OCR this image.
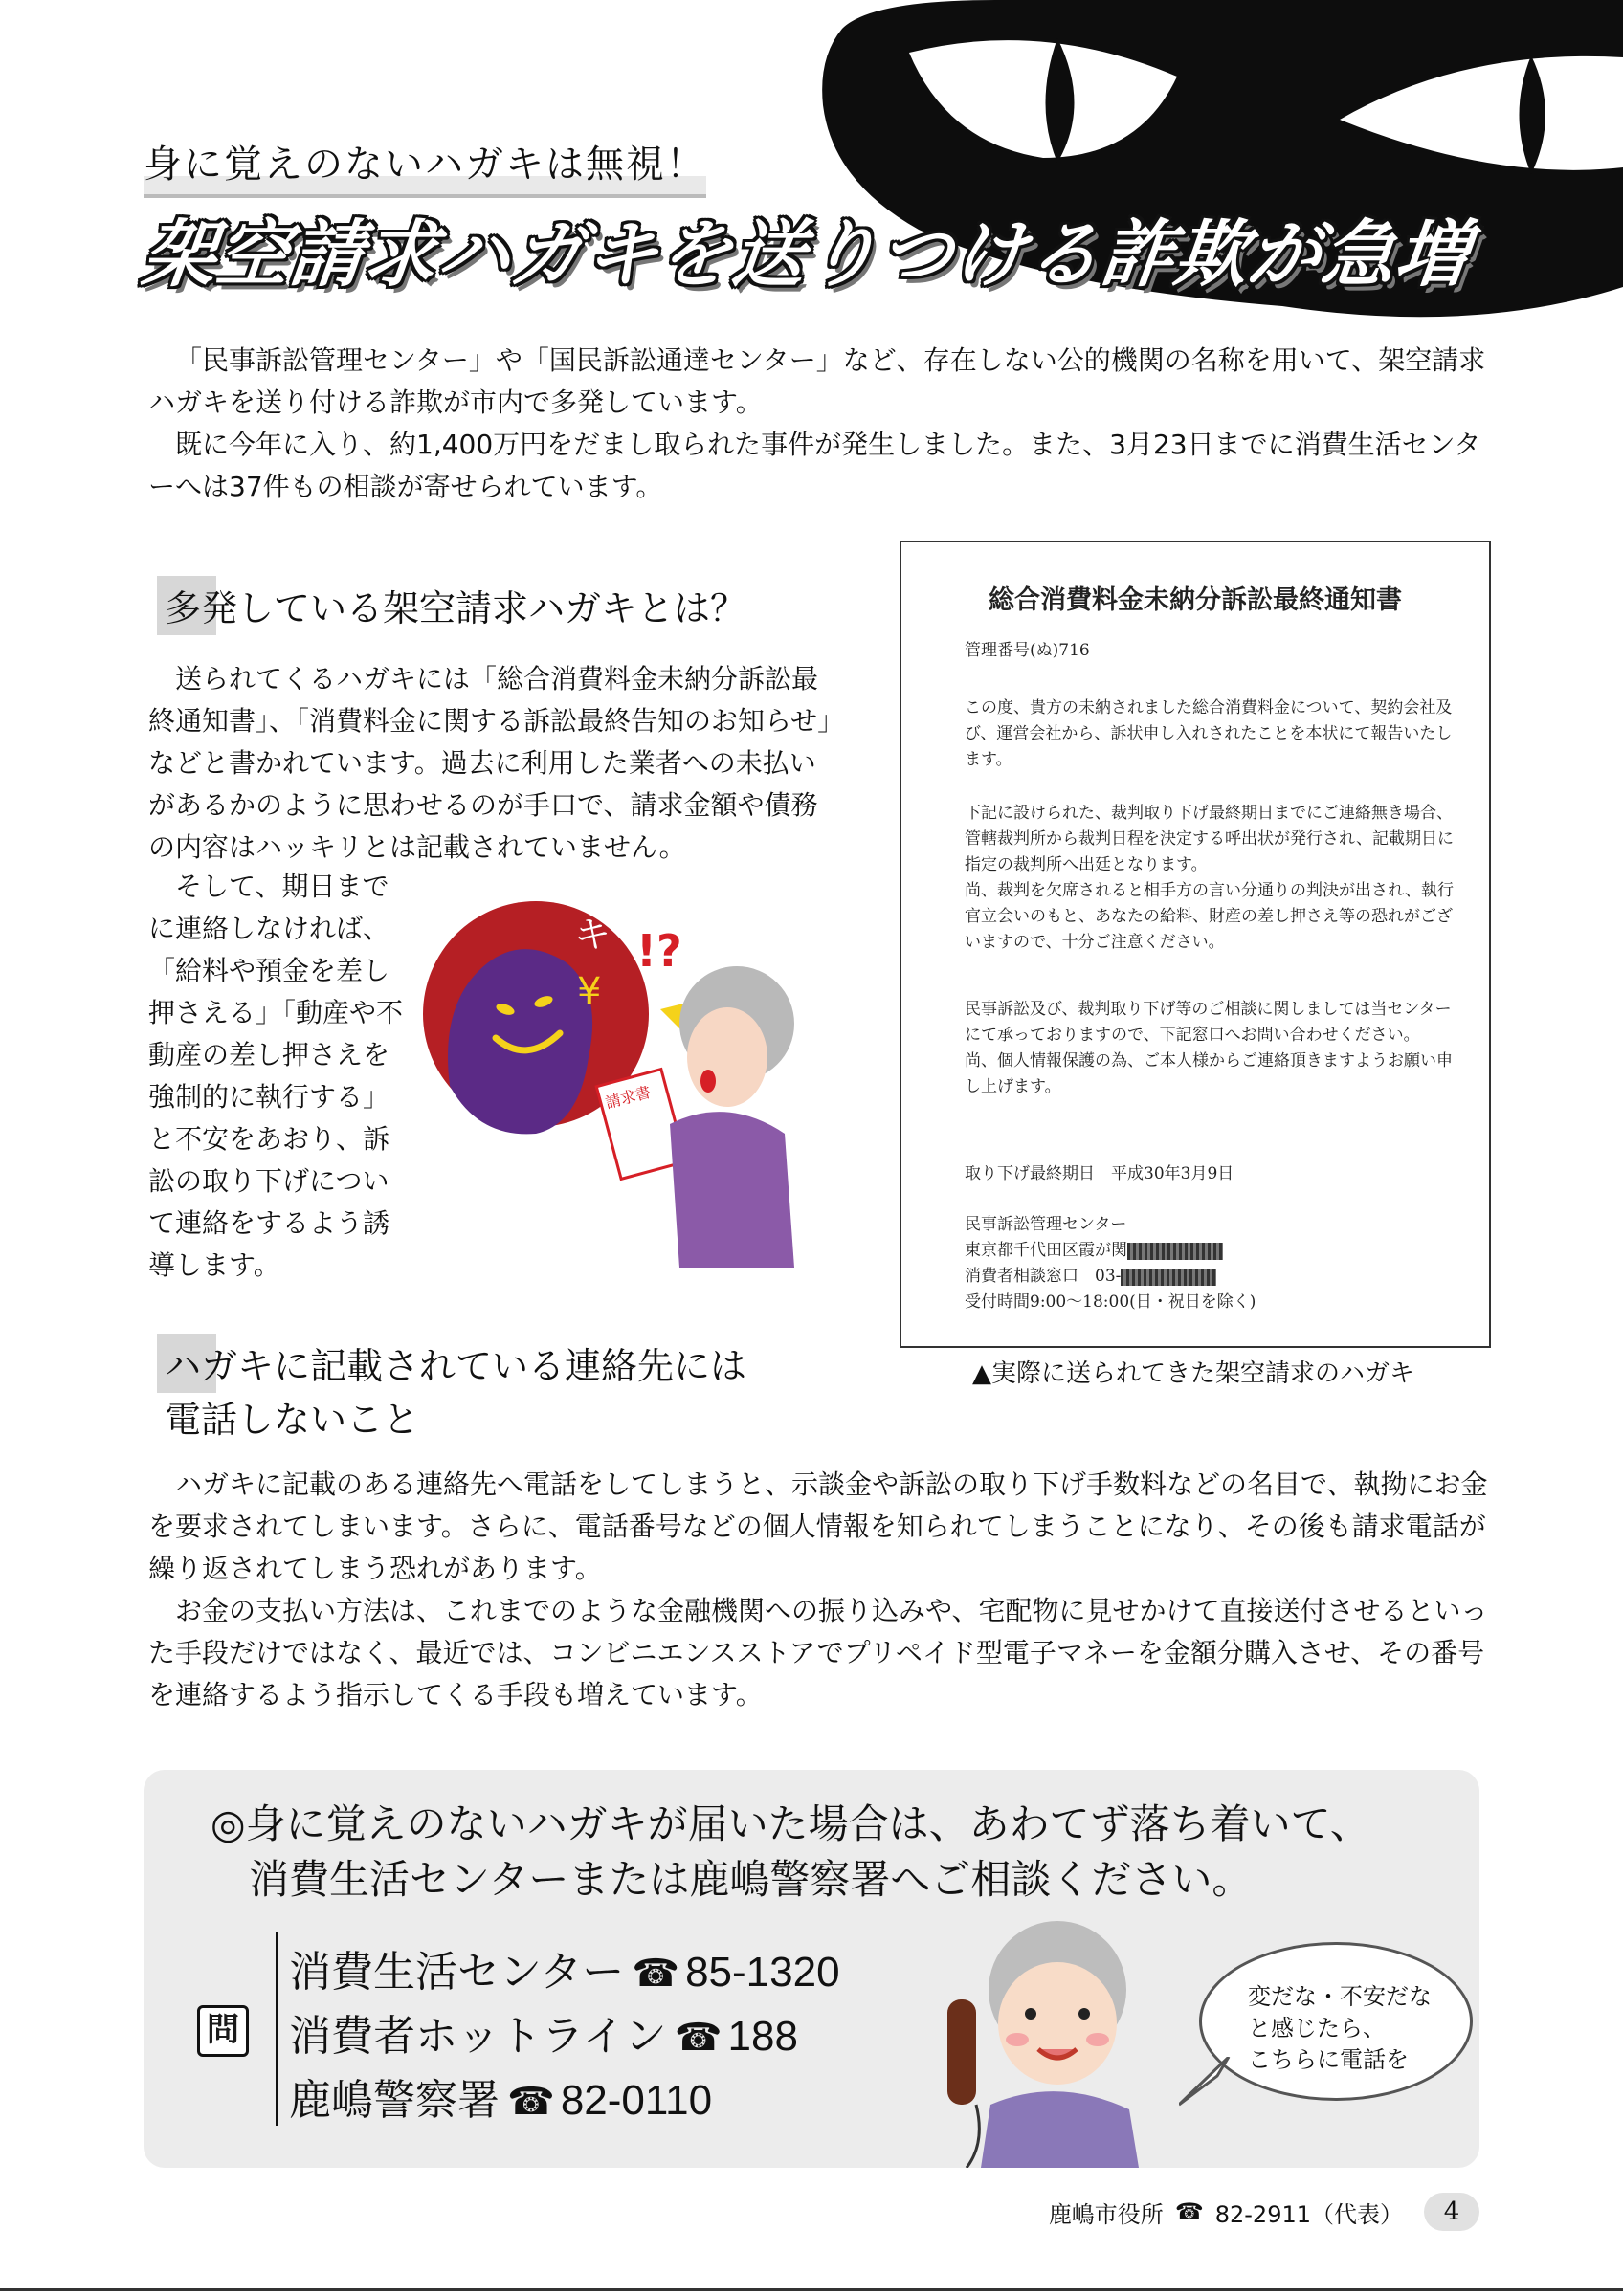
身に覚えのないハガキは無視！
架空請求ハガキを送りつける詐欺が急増

「民事訴訟管理センター」や「国民訴訟通達センター」など、存在しない公的機関の名称を用いて、架空請求ハガキを送り付ける詐欺が市内で多発しています。

既に今年に入り、約1,400万円をだまし取られた事件が発生しました。また、3月23日までに消費生活センターへは37件もの相談が寄せられています。

多発している架空請求ハガキとは？

送られてくるハガキには「総合消費料金未納分訴訟最終通知書」、「消費料金に関する訴訟最終告知のお知らせ」などと書かれています。過去に利用した業者への未払いがあるかのように思わせるのが手口で、請求金額や債務の内容はハッキリとは記載されていません。

そして、期日までに連絡しなければ、「給料や預金を差し押さえる」「動産や不動産の差し押さえを強制的に執行する」と不安をあおり、訴訟の取り下げについて連絡をするよう誘導します。

¥
キ !?
請求書
総合消費料金未納分訴訟最終通知書
管理番号(ぬ)716

この度、貴方の未納されました総合消費料金について、契約会社及び、運営会社から、訴状申し入れされたことを本状にて報告いたします。

下記に設けられた、裁判取り下げ最終期日までにご連絡無き場合、管轄裁判所から裁判日程を決定する呼出状が発行され、記載期日に指定の裁判所へ出廷となります。

尚、裁判を欠席されると相手方の言い分通りの判決が出され、執行官立会いのもと、あなたの給料、財産の差し押さえ等の恐れがございますので、十分ご注意ください。

民事訴訟及び、裁判取り下げ等のご相談に関しましては当センターにて承っておりますので、下記窓口へお問い合わせください。

尚、個人情報保護の為、ご本人様からご連絡頂きますようお願い申し上げます。

取り下げ最終期日　平成30年3月9日

民事訴訟管理センター

東京都千代田区霞が関

消費者相談窓口　03-

受付時間9:00～18:00(日・祝日を除く)

▲実際に送られてきた架空請求のハガキ
ハガキに記載されている連絡先には
電話しないこと

ハガキに記載のある連絡先へ電話をしてしまうと、示談金や訴訟の取り下げ手数料などの名目で、執拗にお金を要求されてしまいます。さらに、電話番号などの個人情報を知られてしまうことになり、その後も請求電話が繰り返されてしまう恐れがあります。

お金の支払い方法は、これまでのような金融機関への振り込みや、宅配物に見せかけて直接送付させるといった手段だけではなく、最近では、コンビニエンスストアでプリペイド型電子マネーを金額分購入させ、その番号を連絡するよう指示してくる手段も増えています。

◎身に覚えのないハガキが届いた場合は、あわてず落ち着いて、

消費生活センターまたは鹿嶋警察署へご相談ください。

問
消費生活センター ☎ 85-1320
消費者ホットライン ☎ 188
鹿嶋警察署 ☎ 82-0110

変だな・不安だな

と感じたら、

こちらに電話を

鹿嶋市役所 ☎ 82-2911（代表）	4
